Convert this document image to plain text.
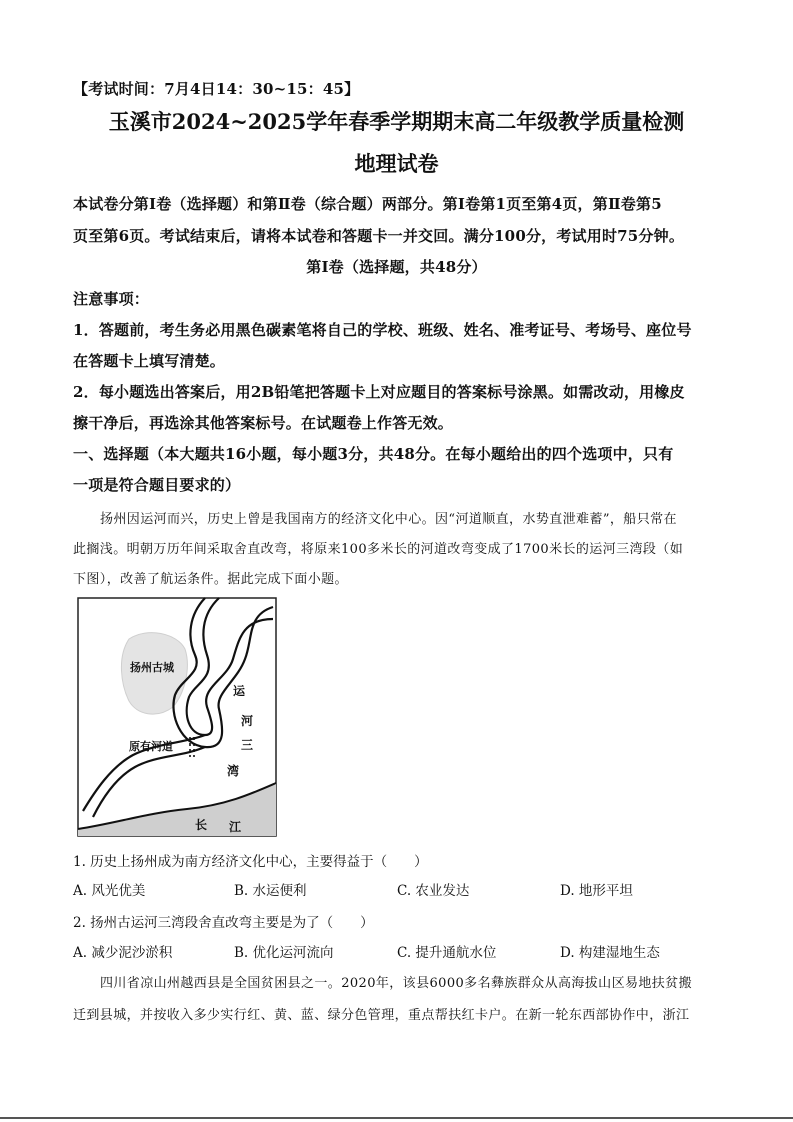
【考试时间：7月4日14：30~15：45】
玉溪市2024~2025学年春季学期期末高二年级教学质量检测
地理试卷
本试卷分第Ⅰ卷（选择题）和第Ⅱ卷（综合题）两部分。第Ⅰ卷第1页至第4页，第Ⅱ卷第5
页至第6页。考试结束后，请将本试卷和答题卡一并交回。满分100分，考试用时75分钟。
第Ⅰ卷（选择题，共48分）
注意事项：
1．答题前，考生务必用黑色碳素笔将自己的学校、班级、姓名、准考证号、考场号、座位号
在答题卡上填写清楚。
2．每小题选出答案后，用2B铅笔把答题卡上对应题目的答案标号涂黑。如需改动，用橡皮
擦干净后，再选涂其他答案标号。在试题卷上作答无效。
一、选择题（本大题共16小题，每小题3分，共48分。在每小题给出的四个选项中，只有
一项是符合题目要求的）
扬州因运河而兴，历史上曾是我国南方的经济文化中心。因“河道顺直，水势直泄难蓄”，船只常在
此搁浅。明朝万历年间采取舍直改弯，将原来100多米长的河道改弯变成了1700米长的运河三湾段（如
下图），改善了航运条件。据此完成下面小题。
扬州古城
运
河
三
湾
原有河道
长 江
1. 历史上扬州成为南方经济文化中心，主要得益于（　　）
A. 风光优美	B. 水运便利	C. 农业发达	D. 地形平坦
2. 扬州古运河三湾段舍直改弯主要是为了（　　）
A. 减少泥沙淤积	B. 优化运河流向	C. 提升通航水位	D. 构建湿地生态
四川省凉山州越西县是全国贫困县之一。2020年，该县6000多名彝族群众从高海拔山区易地扶贫搬
迁到县城，并按收入多少实行红、黄、蓝、绿分色管理，重点帮扶红卡户。在新一轮东西部协作中，浙江
